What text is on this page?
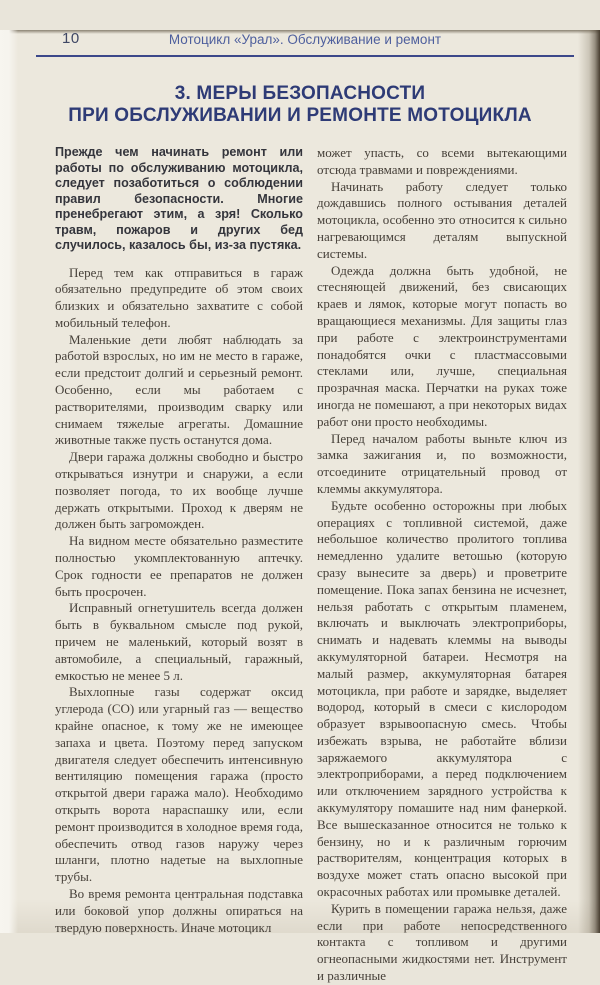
10	Мотоцикл «Урал». Обслуживание и ремонт
3. МЕРЫ БЕЗОПАСНОСТИ
ПРИ ОБСЛУЖИВАНИИ И РЕМОНТЕ МОТОЦИКЛА

Прежде чем начинать ремонт или работы по обслуживанию мотоцикла, следует позаботиться о соблюдении правил безопасности. Многие пренебрегают этим, а зря! Сколько травм, пожаров и других бед случилось, казалось бы, из-за пустяка.

Перед тем как отправиться в гараж обязательно предупредите об этом своих близких и обязательно захватите с собой мобильный телефон.

Маленькие дети любят наблюдать за работой взрослых, но им не место в гараже, если предстоит долгий и серьезный ремонт. Особенно, если мы работаем с растворителями, производим сварку или снимаем тяжелые агрегаты. Домашние животные также пусть останутся дома.

Двери гаража должны свободно и быстро открываться изнутри и снаружи, а если позволяет погода, то их вообще лучше держать открытыми. Проход к дверям не должен быть загроможден.

На видном месте обязательно разместите полностью укомплектованную аптечку. Срок годности ее препаратов не должен быть просрочен.

Исправный огнетушитель всегда должен быть в буквальном смысле под рукой, причем не маленький, который возят в автомобиле, а специальный, гаражный, емкостью не менее 5 л.

Выхлопные газы содержат оксид углерода (СО) или угарный газ — вещество крайне опасное, к тому же не имеющее запаха и цвета. Поэтому перед запуском двигателя следует обеспечить интенсивную вентиляцию помещения гаража (просто открытой двери гаража мало). Необходимо открыть ворота нараспашку или, если ремонт производится в холодное время года, обеспечить отвод газов наружу через шланги, плотно надетые на выхлопные трубы.

Во время ремонта центральная подставка или боковой упор должны опираться на твердую поверхность. Иначе мотоцикл

может упасть, со всеми вытекающими отсюда травмами и повреждениями.

Начинать работу следует только дождавшись полного остывания деталей мотоцикла, особенно это относится к сильно нагревающимся деталям выпускной системы.

Одежда должна быть удобной, не стесняющей движений, без свисающих краев и лямок, которые могут попасть во вращающиеся механизмы. Для защиты глаз при работе с электроинструментами понадобятся очки с пластмассовыми стеклами или, лучше, специальная прозрачная маска. Перчатки на руках тоже иногда не помешают, а при некоторых видах работ они просто необходимы.

Перед началом работы выньте ключ из замка зажигания и, по возможности, отсоедините отрицательный провод от клеммы аккумулятора.

Будьте особенно осторожны при любых операциях с топливной системой, даже небольшое количество пролитого топлива немедленно удалите ветошью (которую сразу вынесите за дверь) и проветрите помещение. Пока запах бензина не исчезнет, нельзя работать с открытым пламенем, включать и выключать электроприборы, снимать и надевать клеммы на выводы аккумуляторной батареи. Несмотря на малый размер, аккумуляторная батарея мотоцикла, при работе и зарядке, выделяет водород, который в смеси с кислородом образует взрывоопасную смесь. Чтобы избежать взрыва, не работайте вблизи заряжаемого аккумулятора с электроприборами, а перед подключением или отключением зарядного устройства к аккумулятору помашите над ним фанеркой. Все вышесказанное относится не только к бензину, но и к различным горючим растворителям, концентрация которых в воздухе может стать опасно высокой при окрасочных работах или промывке деталей.

Курить в помещении гаража нельзя, даже если при работе непосредственного контакта с топливом и другими огнеопасными жидкостями нет. Инструмент и различные
